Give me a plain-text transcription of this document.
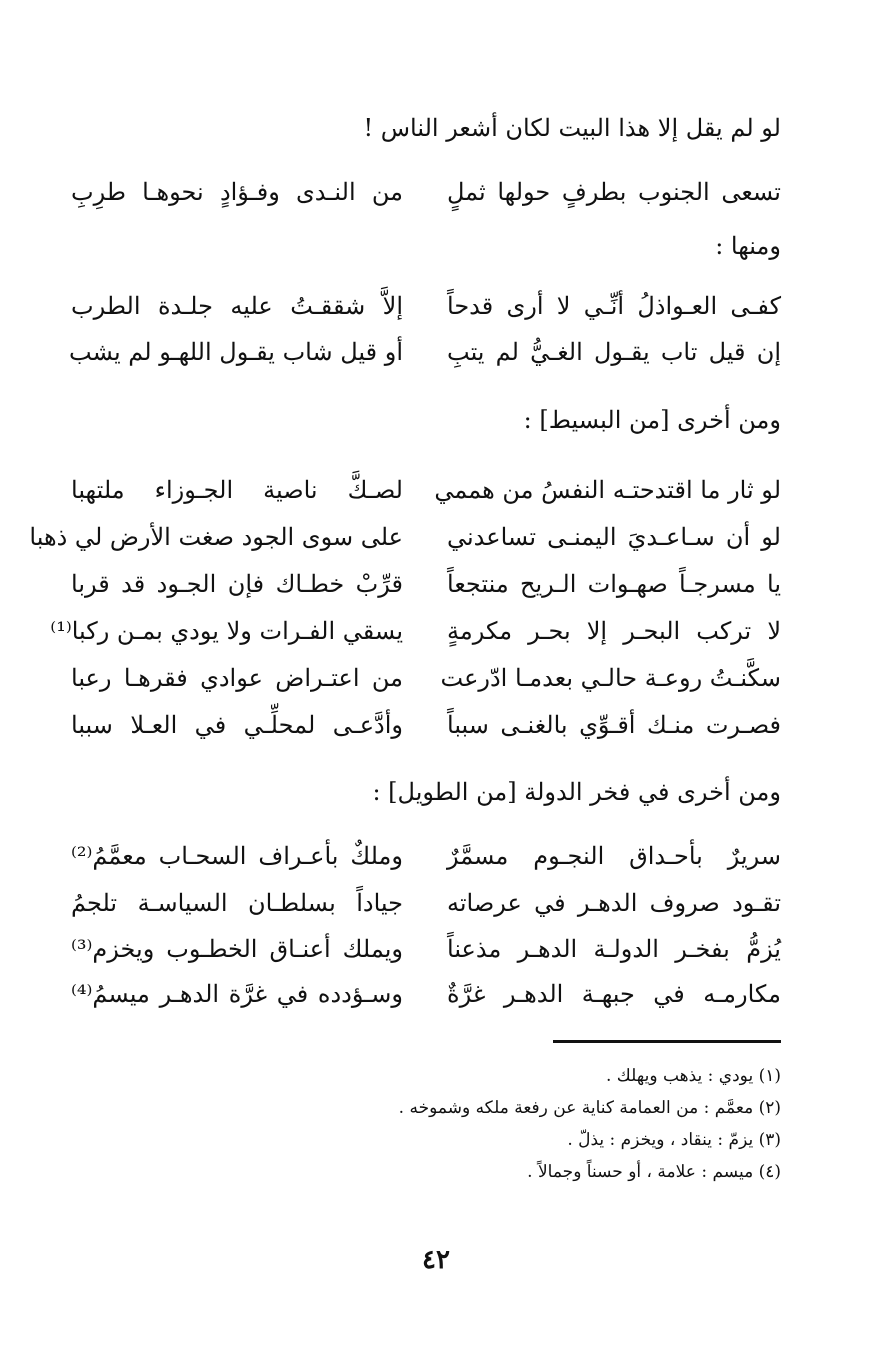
لو لم يقل إلا هذا البيت لكان أشعر الناس !
تسعى الجنوب بطرفٍ حولها ثملٍ
من النـدى وفـؤادٍ نحوهـا طرِبِ
ومنها :
كفـى العـواذلُ أنِّـي لا أرى قدحاً
إلاَّ شققـتُ عليه جلـدة الطرب
إن قيل تاب يقـول الغـيُّ لم يتبِ
أو قيل شاب يقـول اللهـو لم يشب
ومن أخرى [من البسيط] :
لو ثار ما اقتدحتـه النفسُ من هممي
لصـكَّ ناصية الجـوزاء ملتهبا
لو أن سـاعـديَ اليمنـى تساعدني
على سوى الجود صغت الأرض لي ذهبا
يا مسرجـاً صهـوات الـريح منتجعاً
قرِّبْ خطـاك فإن الجـود قد قربا
لا تركب البحـر إلا بحـر مكرمةٍ
يسقي الفـرات ولا يودي بمـن ركبا⁽¹⁾
سكَّنـتُ روعـة حالـي بعدمـا ادّرعت
من اعتـراض عوادي فقرهـا رعبا
فصـرت منـك أقـوِّي بالغنـى سبباً
وأدَّعـى لمحلِّـي في العـلا سببا
ومن أخرى في فخر الدولة [من الطويل] :
سريرٌ بأحـداق النجـوم مسمَّرٌ
وملكٌ بأعـراف السحـاب معمَّمُ⁽²⁾
تقـود صروف الدهـر في عرصاته
جياداً بسلطـان السياسـة تلجمُ
يُزمُّ بفخـر الدولـة الدهـر مذعناً
ويملك أعنـاق الخطـوب ويخزم⁽³⁾
مكارمـه في جبهـة الدهـر غرَّةٌ
وسـؤدده في غرَّة الدهـر ميسمُ⁽⁴⁾
(١) يودي : يذهب ويهلك .
(٢) معمَّم : من العمامة كناية عن رفعة ملكه وشموخه .
(٣) يزمّ : ينقاد ، ويخزم : يذلّ .
(٤) ميسم : علامة ، أو حسناً وجمالاً .
٤٢
